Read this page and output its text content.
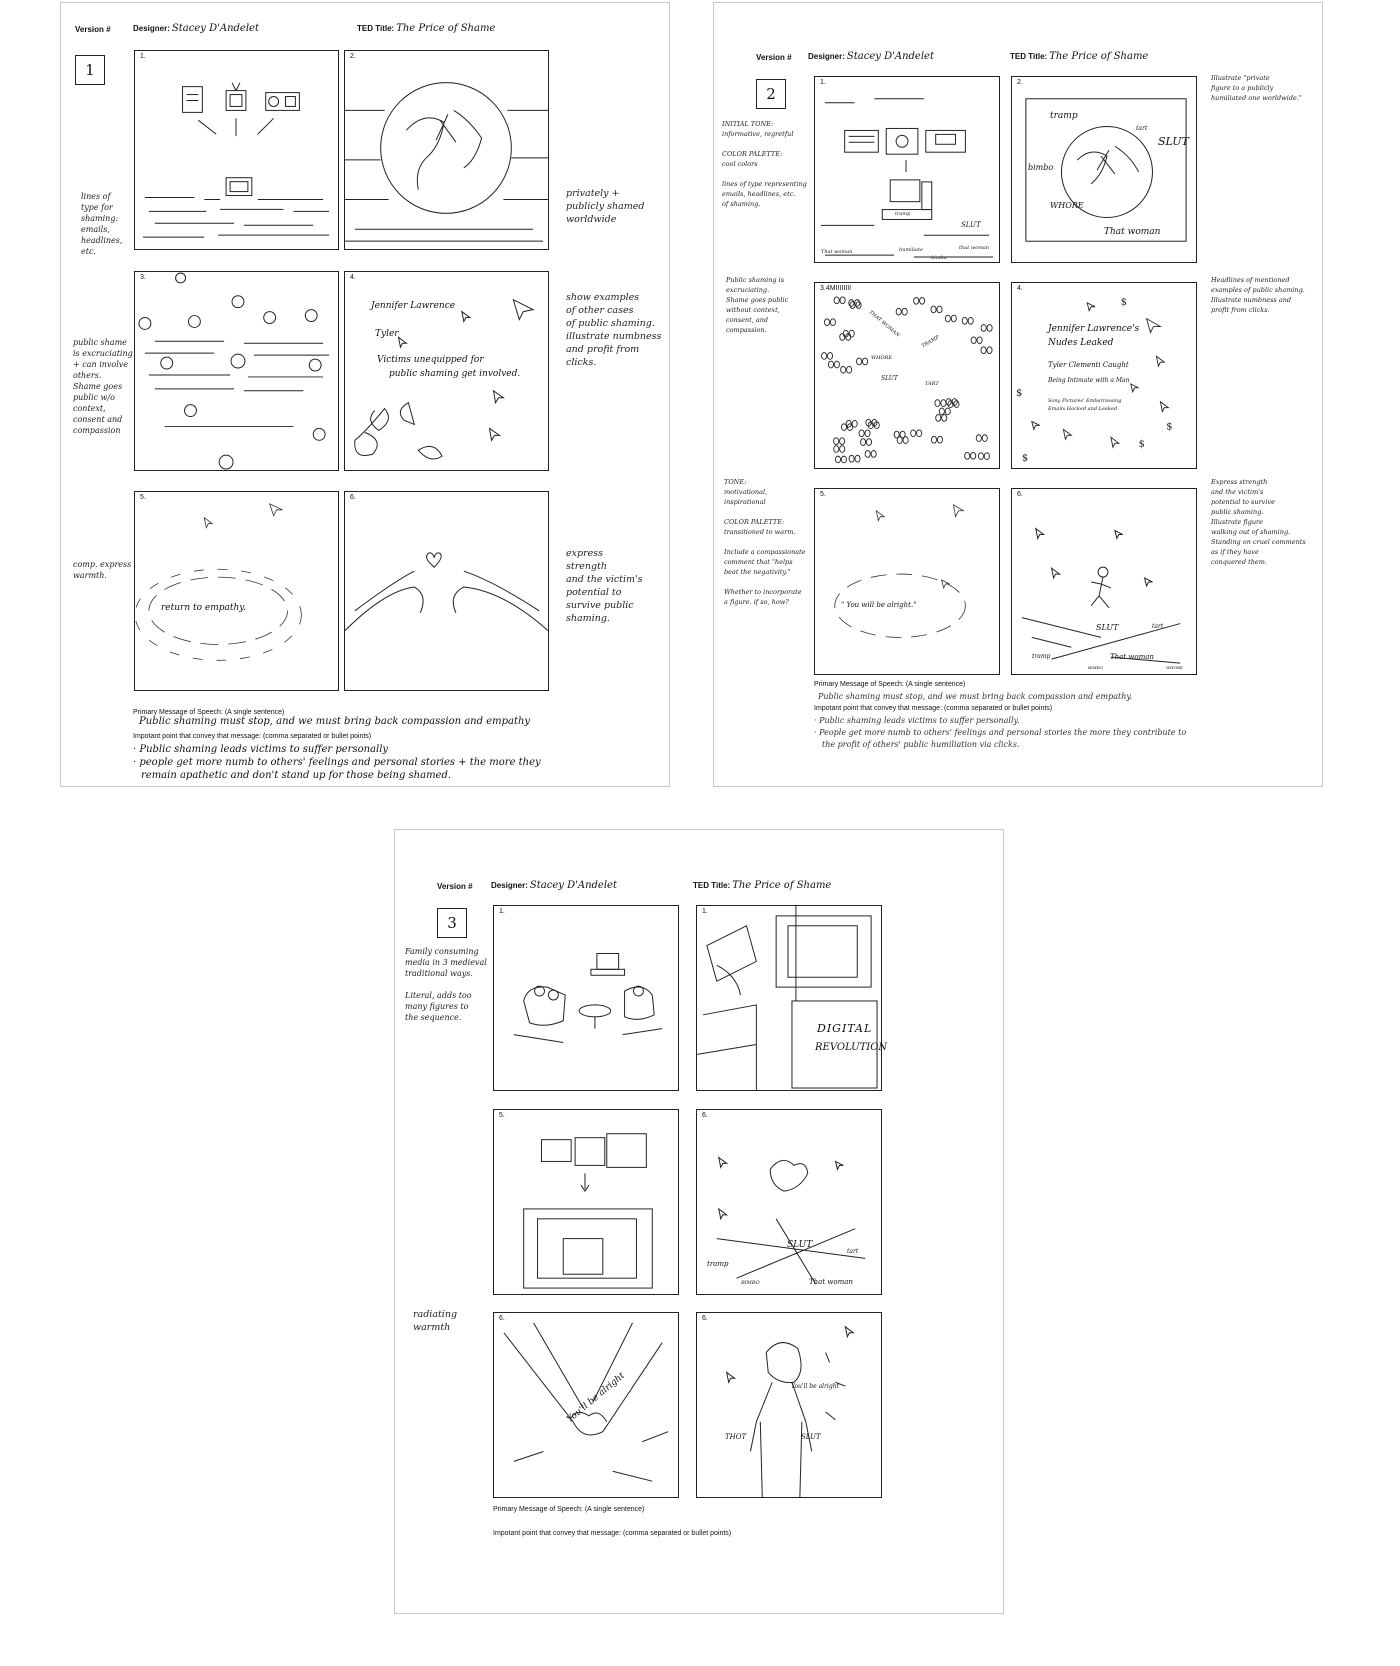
Version #	Designer: Stacey D'Andelet	TED Title: The Price of Shame
1
lines of
type for
shaming:
emails,
headlines,
etc.
public shame
is excruciating
+ can involve
others.
Shame goes
public w/o
context,
consent and
compassion
comp. express
warmth.
privately +
publicly shamed
worldwide
show examples
of other cases
of public shaming.
illustrate numbness
and profit from
clicks.
express
strength
and the victim's
potential to
survive public
shaming.
1.	2.
3.	4.
Jennifer Lawrence
Tyler
Victims unequipped for
public shaming get involved.
5.
return to empathy.
6.
Primary Message of Speech: (A single sentence)
Public shaming must stop, and we must bring back compassion and empathy
Impotant point that convey that message: (comma separated or bullet points)
· Public shaming leads victims to suffer personally
· people get more numb to others' feelings and personal stories + the more they
remain apathetic and don't stand up for those being shamed.
Version # Designer: Stacey D'Andelet	TED Title: The Price of Shame
2
INITIAL TONE:
informative, regretful

COLOR PALETTE:
cool colors

lines of type representing
emails, headlines, etc.
of shaming.
Public shaming is
excruciating.
Shame goes public
without context,
consent, and
compassion.
TONE:
motivational,
inspirational

COLOR PALETTE:
transitioned to warm.

Include a compassionate
comment that "helps
beat the negativity."

Whether to incorporate
a figure. if so, how?
Illustrate "private
figure to a publicly
humiliated one worldwide."
Headlines of mentioned
examples of public shaming.
Illustrate numbness and
profit from clicks.
Express strength
and the victim's
potential to survive
public shaming.
Illustrate figure
walking out of shaming.
Standing on cruel comments
as if they have
conquered them.
1.
tramp
SLUT
That woman
that woman
humiliate
bimbo
2.
tramp
tart
SLUT
bimbo
WHORE
That woman
3.4MIIIIIIII
THAT WOMAN
TRAMP
WHORE
SLUT
TART
4.
Jennifer Lawrence's
Nudes Leaked
Tyler Clementi Caught
Being Intimate with a Man
Sony Pictures' Embarrassing
Emails Hacked and Leaked
$
$
$
$
$
5.
" You will be alright."
6.
SLUT	tart
tramp	That woman
BIMBO	WHORE
Primary Message of Speech: (A single sentence)
Public shaming must stop, and we must bring back compassion and empathy.
Impotant point that convey that message: (comma separated or bullet points)
· Public shaming leads victims to suffer personally.
· People get more numb to others' feelings and personal stories the more they contribute to
the profit of others' public humiliation via clicks.
Version # Designer: Stacey D'Andelet	TED Title: The Price of Shame
3
Family consuming
media in 3 medieval
traditional ways.

Literal, adds too
many figures to
the sequence.
radiating
warmth
1.	1.
DIGITAL
REVOLUTION
5.	6.
SLUT
tramp
tart
BIMBO	That woman
6.
You'll be alright
6.
You'll be alright
THOT	SLUT
Primary Message of Speech: (A single sentence)
Impotant point that convey that message: (comma separated or bullet points)
